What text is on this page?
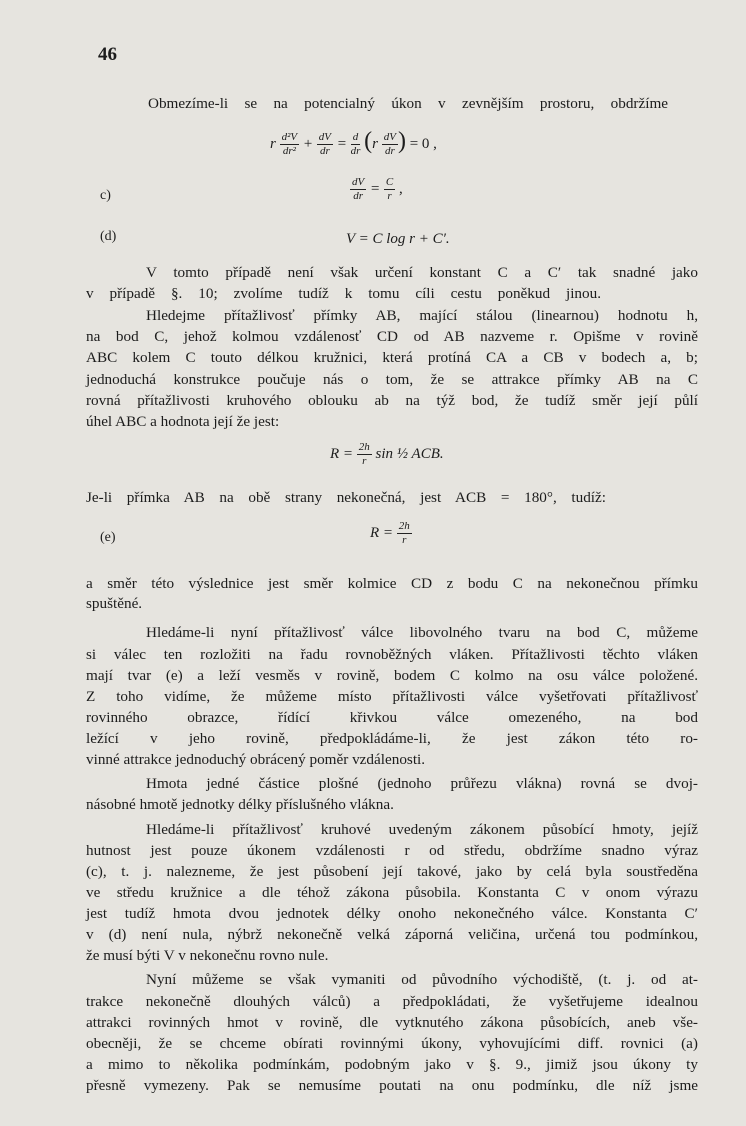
46
Obmezíme-li se na potencialný úkon v zevnějším prostoru, obdržíme
r $\frac{\text{d²V}}{\text{dr²}} + \frac{dV}{dr} = \frac{d}{dr} (r \frac{dV}{dr}$ ) = 0 ,
c)	$\frac{dV}{dr} = \frac{C}{r}$ ,
(d)	V = C log r + C′.
V tomto případě není však určení konstant C a C′ tak snadné jako
v případě §. 10; zvolíme tudíž k tomu cíli cestu poněkud jinou.
Hledejme přítažlivosť přímky AB, mající stálou (linearnou) hodnotu h,
na bod C, jehož kolmou vzdálenosť CD od AB nazveme r. Opišme v rovině
ABC kolem C touto délkou kružnici, která protíná CA a CB v bodech a, b;
jednoduchá konstrukce poučuje nás o tom, že se attrakce přímky AB na C
rovná přítažlivosti kruhového oblouku ab na týž bod, že tudíž směr její půlí
úhel ABC a hodnota její že jest:
$R = \frac{2h}{r}$ sin ½ ACB.
Je-li přímka AB na obě strany nekonečná, jest ACB = 180°, tudíž:
(e)	$R = \frac{2h}{r}$
a směr této výslednice jest směr kolmice CD z bodu C na nekonečnou přímku
spuštěné.
Hledáme-li nyní přítažlivosť válce libovolného tvaru na bod C, můžeme
si válec ten rozložiti na řadu rovnoběžných vláken. Přítažlivosti těchto vláken
mají tvar (e) a leží vesměs v rovině, bodem C kolmo na osu válce položené.
Z toho vidíme, že můžeme místo přítažlivosti válce vyšetřovati přítažlivosť
rovinného obrazce, řídící křivkou válce omezeného, na bod
ležící v jeho rovině, předpokládáme-li, že jest zákon této ro-
vinné attrakce jednoduchý obrácený poměr vzdálenosti.
Hmota jedné částice plošné (jednoho průřezu vlákna) rovná se dvoj-
násobné hmotě jednotky délky příslušného vlákna.
Hledáme-li přítažlivosť kruhové uvedeným zákonem působící hmoty, jejíž
hutnost jest pouze úkonem vzdálenosti r od středu, obdržíme snadno výraz
(c), t. j. nalezneme, že jest působení její takové, jako by celá byla soustředěna
ve středu kružnice a dle téhož zákona působila. Konstanta C v onom výrazu
jest tudíž hmota dvou jednotek délky onoho nekonečného válce. Konstanta C′
v (d) není nula, nýbrž nekonečně velká záporná veličina, určená tou podmínkou,
že musí býti V v nekonečnu rovno nule.
Nyní můžeme se však vymaniti od původního východiště, (t. j. od at-
trakce nekonečně dlouhých válců) a předpokládati, že vyšetřujeme idealnou
attrakci rovinných hmot v rovině, dle vytknutého zákona působících, aneb vše-
obecněji, že se chceme obírati rovinnými úkony, vyhovujícími diff. rovnici (a)
a mimo to několika podmínkám, podobným jako v §. 9., jimiž jsou úkony ty
přesně vymezeny. Pak se nemusíme poutati na onu podmínku, dle níž jsme
